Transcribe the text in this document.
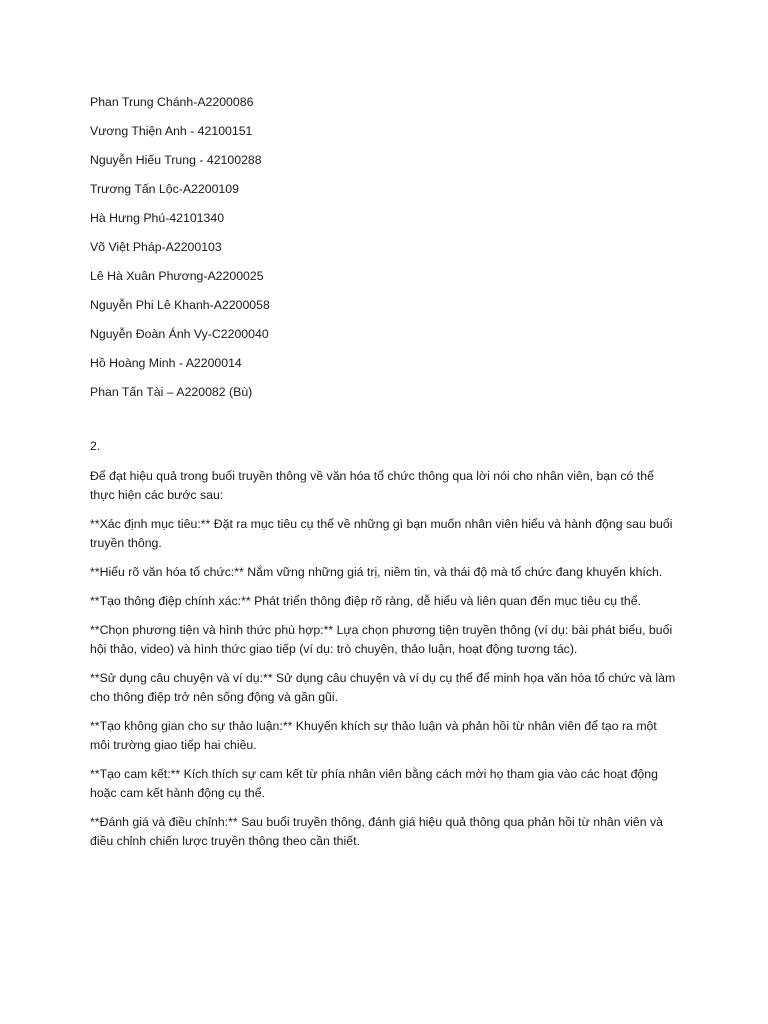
Phan Trung Chánh-A2200086
Vương Thiện Anh - 42100151
Nguyễn Hiếu Trung - 42100288
Trương Tấn Lộc-A2200109
Hà Hưng Phú-42101340
Võ Việt Pháp-A2200103
Lê Hà Xuân Phương-A2200025
Nguyễn Phi Lê Khanh-A2200058
Nguyễn Đoàn Ánh Vy-C2200040
Hồ Hoàng Minh - A2200014
Phan Tấn Tài – A220082 (Bù)
2.

Để đạt hiệu quả trong buổi truyền thông về văn hóa tổ chức thông qua lời nói cho nhân viên, bạn có thể thực hiện các bước sau:

**Xác định mục tiêu:** Đặt ra mục tiêu cụ thể về những gì bạn muốn nhân viên hiểu và hành động sau buổi truyền thông.

**Hiểu rõ văn hóa tổ chức:** Nắm vững những giá trị, niềm tin, và thái độ mà tổ chức đang khuyến khích.

**Tạo thông điệp chính xác:** Phát triển thông điệp rõ ràng, dễ hiểu và liên quan đến mục tiêu cụ thể.

**Chọn phương tiện và hình thức phù hợp:** Lựa chọn phương tiện truyền thông (ví dụ: bài phát biểu, buổi hội thảo, video) và hình thức giao tiếp (ví dụ: trò chuyện, thảo luận, hoạt động tương tác).

**Sử dụng câu chuyện và ví dụ:** Sử dụng câu chuyện và ví dụ cụ thể để minh họa văn hóa tổ chức và làm cho thông điệp trở nên sống động và gần gũi.

**Tạo không gian cho sự thảo luận:** Khuyến khích sự thảo luận và phản hồi từ nhân viên để tạo ra một môi trường giao tiếp hai chiều.

**Tạo cam kết:** Kích thích sự cam kết từ phía nhân viên bằng cách mời họ tham gia vào các hoạt động hoặc cam kết hành động cụ thể.

**Đánh giá và điều chỉnh:** Sau buổi truyền thông, đánh giá hiệu quả thông qua phản hồi từ nhân viên và điều chỉnh chiến lược truyền thông theo cần thiết.
